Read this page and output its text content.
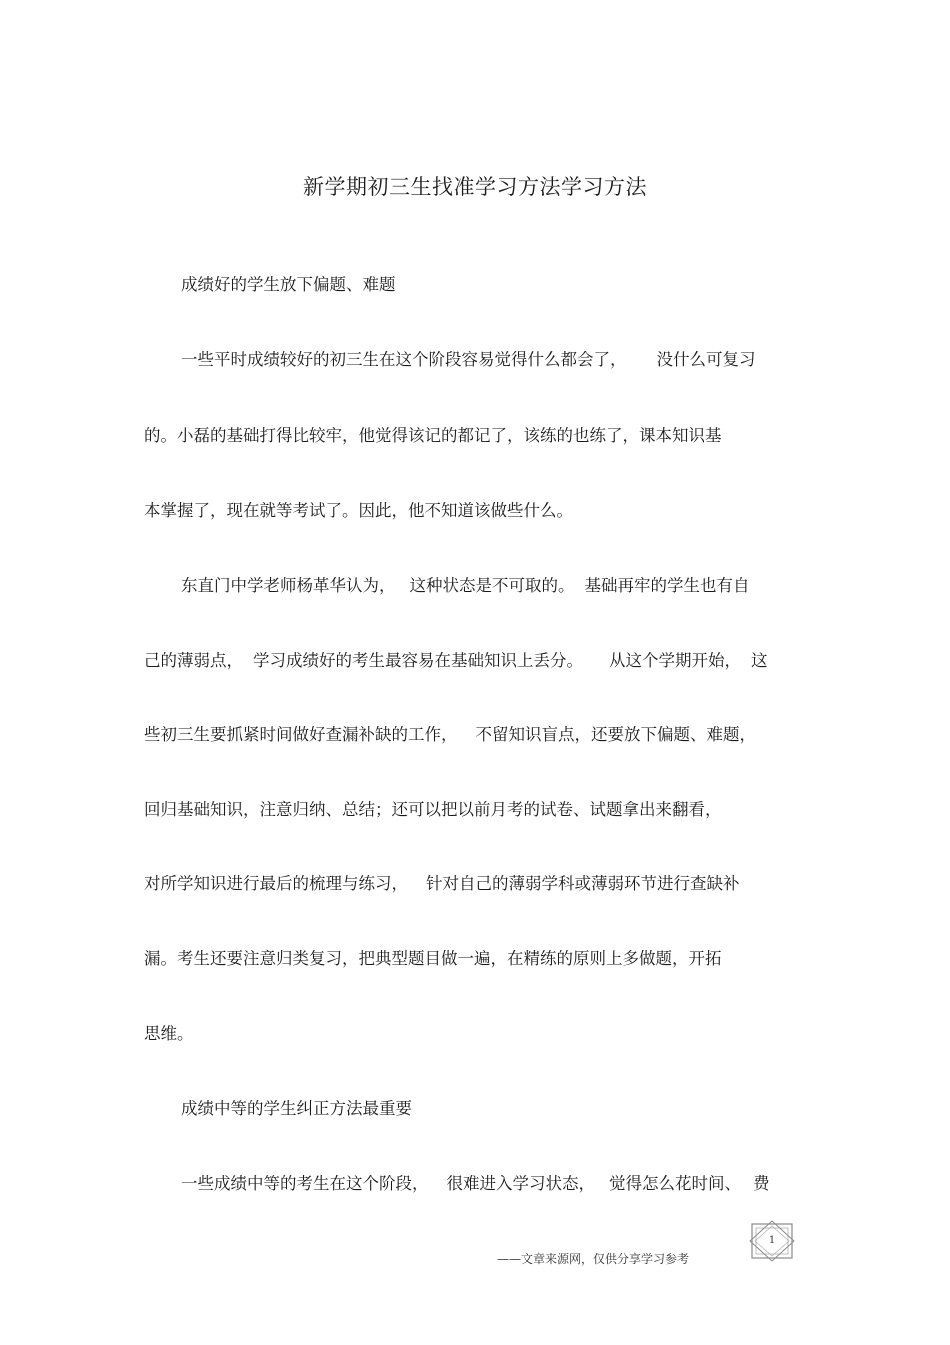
新学期初三生找准学习方法学习方法
成绩好的学生放下偏题、难题
一些平时成绩较好的初三生在这个阶段容易觉得什么都会了， 没什么可复习
的。小磊的基础打得比较牢，他觉得该记的都记了，该练的也练了，课本知识基
本掌握了，现在就等考试了。因此，他不知道该做些什么。
东直门中学老师杨革华认为， 这种状态是不可取的。 基础再牢的学生也有自
己的薄弱点， 学习成绩好的考生最容易在基础知识上丢分。 从这个学期开始， 这
些初三生要抓紧时间做好查漏补缺的工作， 不留知识盲点，还要放下偏题、难题，
回归基础知识，注意归纳、总结；还可以把以前月考的试卷、试题拿出来翻看，
对所学知识进行最后的梳理与练习， 针对自己的薄弱学科或薄弱环节进行查缺补
漏。考生还要注意归类复习，把典型题目做一遍，在精练的原则上多做题，开拓
思维。
成绩中等的学生纠正方法最重要
一些成绩中等的考生在这个阶段， 很难进入学习状态， 觉得怎么花时间、 费
——文章来源网，仅供分享学习参考
1
